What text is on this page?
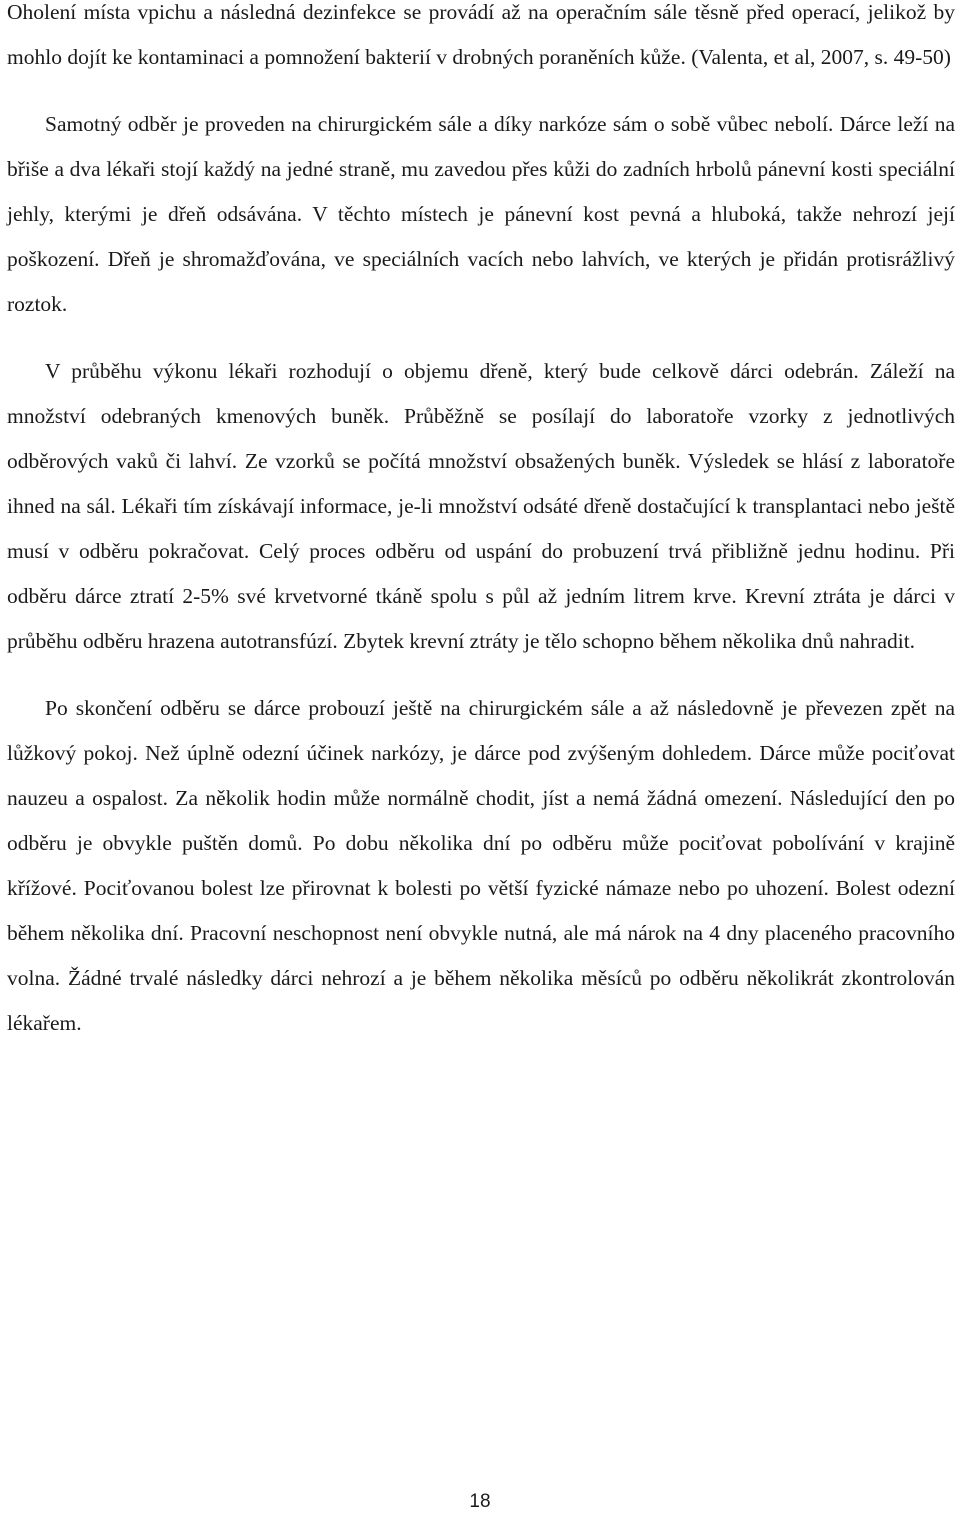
Oholení místa vpichu a následná dezinfekce se provádí až na operačním sále těsně před operací, jelikož by mohlo dojít ke kontaminaci a pomnožení bakterií v drobných poraněních kůže. (Valenta, et al, 2007, s. 49-50)

Samotný odběr je proveden na chirurgickém sále a díky narkóze sám o sobě vůbec nebolí. Dárce leží na břiše a dva lékaři stojí každý na jedné straně, mu zavedou přes kůži do zadních hrbolů pánevní kosti speciální jehly, kterými je dřeň odsávána. V těchto místech je pánevní kost pevná a hluboká, takže nehrozí její poškození. Dřeň je shromažďována, ve speciálních vacích nebo lahvích, ve kterých je přidán protisrážlivý roztok.

V průběhu výkonu lékaři rozhodují o objemu dřeně, který bude celkově dárci odebrán. Záleží na množství odebraných kmenových buněk. Průběžně se posílají do laboratoře vzorky z jednotlivých odběrových vaků či lahví. Ze vzorků se počítá množství obsažených buněk. Výsledek se hlásí z laboratoře ihned na sál. Lékaři tím získávají informace, je-li množství odsáté dřeně dostačující k transplantaci nebo ještě musí v odběru pokračovat. Celý proces odběru od uspání do probuzení trvá přibližně jednu hodinu. Při odběru dárce ztratí 2-5% své krvetvorné tkáně spolu s půl až jedním litrem krve. Krevní ztráta je dárci v průběhu odběru hrazena autotransfúzí. Zbytek krevní ztráty je tělo schopno během několika dnů nahradit.

Po skončení odběru se dárce probouzí ještě na chirurgickém sále a až následovně je převezen zpět na lůžkový pokoj. Než úplně odezní účinek narkózy, je dárce pod zvýšeným dohledem. Dárce může pociťovat nauzeu a ospalost. Za několik hodin může normálně chodit, jíst a nemá žádná omezení. Následující den po odběru je obvykle puštěn domů. Po dobu několika dní po odběru může pociťovat pobolívání v krajině křížové. Pociťovanou bolest lze přirovnat k bolesti po větší fyzické námaze nebo po uhození. Bolest odezní během několika dní. Pracovní neschopnost není obvykle nutná, ale má nárok na 4 dny placeného pracovního volna. Žádné trvalé následky dárci nehrozí a je během několika měsíců po odběru několikrát zkontrolován lékařem.

18
